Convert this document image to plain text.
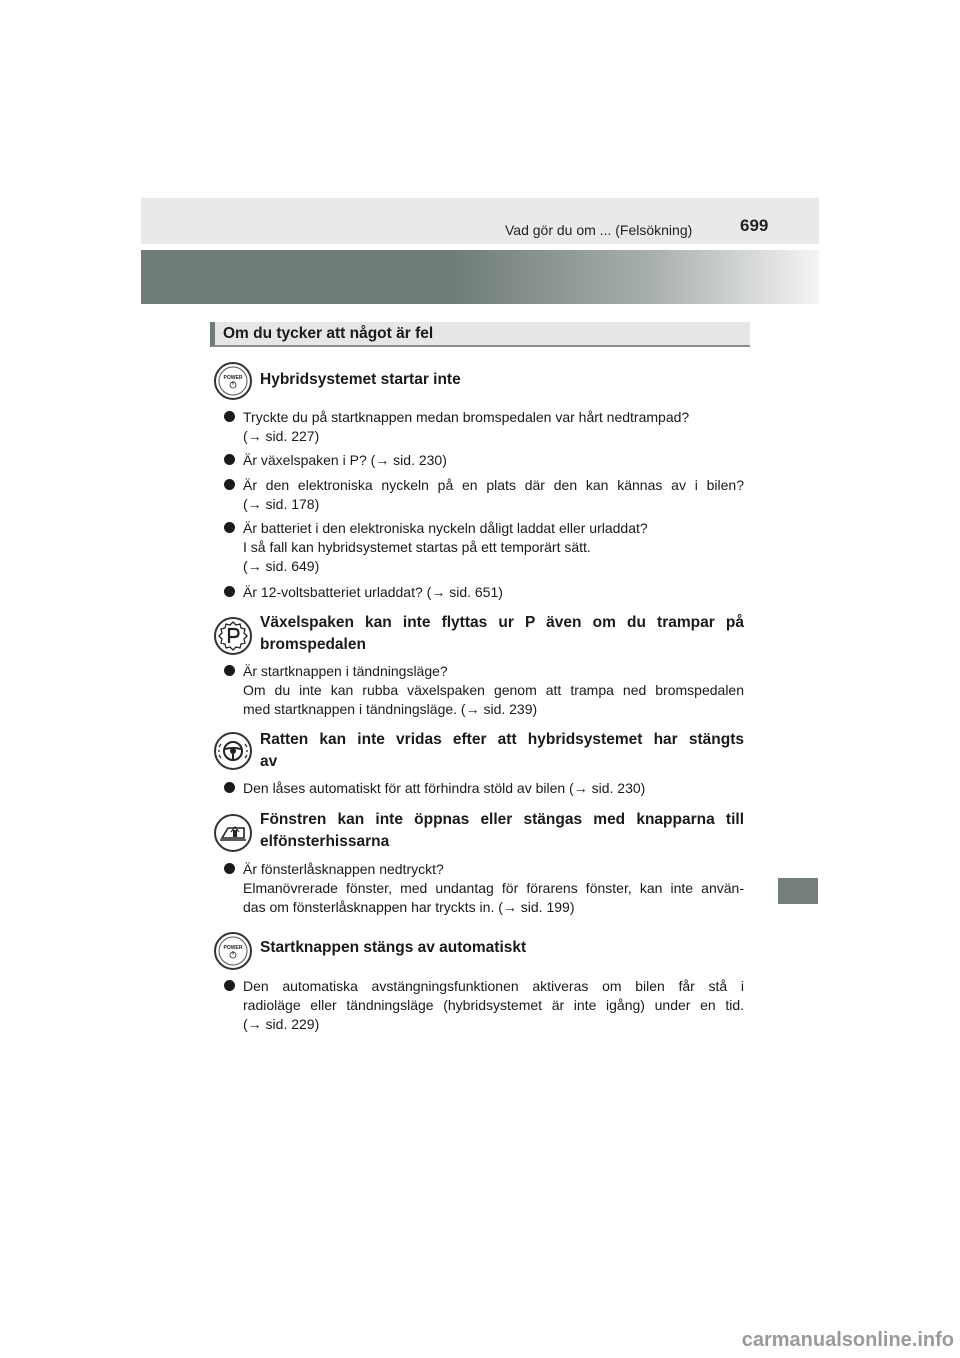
Vad gör du om ... (Felsökning)	699
Om du tycker att något är fel
POWER Hybridsystemet startar inte
Tryckte du på startknappen medan bromspedalen var hårt nedtrampad?
(→ sid. 227)
Är växelspaken i P? (→ sid. 230)
Är den elektroniska nyckeln på en plats där den kan kännas av i bilen?
(→ sid. 178)
Är batteriet i den elektroniska nyckeln dåligt laddat eller urladdat?
I så fall kan hybridsystemet startas på ett temporärt sätt.
(→ sid. 649)
Är 12-voltsbatteriet urladdat? (→ sid. 651)
Växelspaken kan inte flyttas ur P även om du trampar på
bromspedalen
Är startknappen i tändningsläge?
Om du inte kan rubba växelspaken genom att trampa ned bromspedalen
med startknappen i tändningsläge. (→ sid. 239)
Ratten kan inte vridas efter att hybridsystemet har stängts
av
Den låses automatiskt för att förhindra stöld av bilen (→ sid. 230)
Fönstren kan inte öppnas eller stängas med knapparna till
elfönsterhissarna
Är fönsterlåsknappen nedtryckt?
Elmanövrerade fönster, med undantag för förarens fönster, kan inte använ-
das om fönsterlåsknappen har tryckts in. (→ sid. 199)
POWER Startknappen stängs av automatiskt
Den automatiska avstängningsfunktionen aktiveras om bilen får stå i
radioläge eller tändningsläge (hybridsystemet är inte igång) under en tid.
(→ sid. 229)
carmanualsonline.info
